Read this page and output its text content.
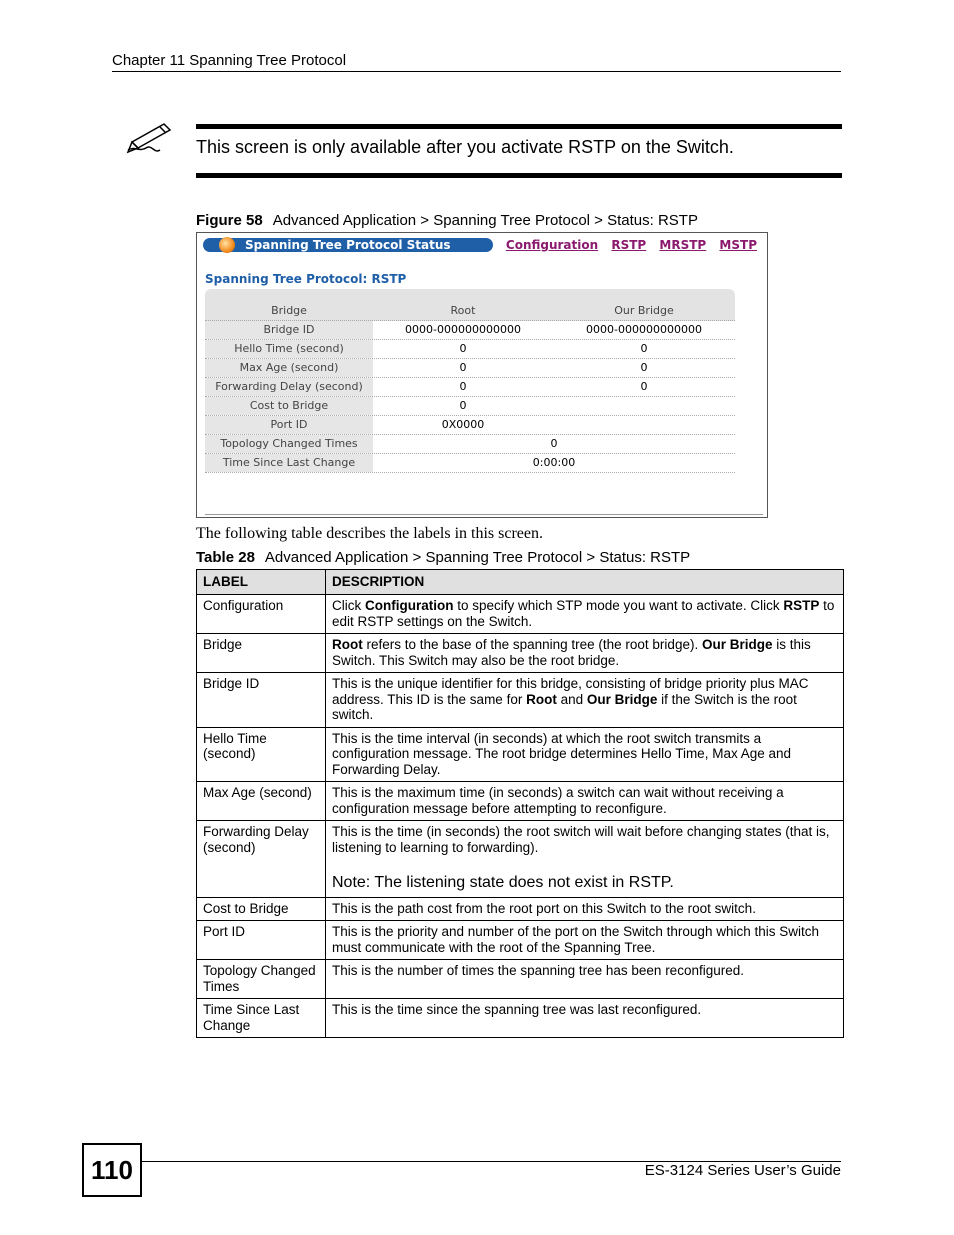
Chapter 11 Spanning Tree Protocol
This screen is only available after you activate RSTP on the Switch.
Figure 58 Advanced Application > Spanning Tree Protocol > Status: RSTP
Spanning Tree Protocol Status	Configuration RSTP MRSTP MSTP
Spanning Tree Protocol: RSTP
Bridge	Root	Our Bridge
Bridge ID	0000-000000000000	0000-000000000000
Hello Time (second)	0	0
Max Age (second)	0	0
Forwarding Delay (second)	0	0
Cost to Bridge	0
Port ID	0X0000
Topology Changed Times	0
Time Since Last Change	0:00:00
The following table describes the labels in this screen.
Table 28 Advanced Application > Spanning Tree Protocol > Status: RSTP
LABEL	DESCRIPTION
Configuration	Click Configuration to specify which STP mode you want to activate. Click RSTP to edit RSTP settings on the Switch.
Bridge	Root refers to the base of the spanning tree (the root bridge). Our Bridge is this Switch. This Switch may also be the root bridge.
Bridge ID	This is the unique identifier for this bridge, consisting of bridge priority plus MAC address. This ID is the same for Root and Our Bridge if the Switch is the root switch.
Hello Time (second)	This is the time interval (in seconds) at which the root switch transmits a configuration message. The root bridge determines Hello Time, Max Age and Forwarding Delay.
Max Age (second)	This is the maximum time (in seconds) a switch can wait without receiving a configuration message before attempting to reconfigure.
Forwarding Delay (second)	This is the time (in seconds) the root switch will wait before changing states (that is, listening to learning to forwarding).
Note: The listening state does not exist in RSTP.

Cost to Bridge	This is the path cost from the root port on this Switch to the root switch.
Port ID	This is the priority and number of the port on the Switch through which this Switch must communicate with the root of the Spanning Tree.
Topology Changed Times	This is the number of times the spanning tree has been reconfigured.
Time Since Last Change	This is the time since the spanning tree was last reconfigured.
110	ES-3124 Series User’s Guide
